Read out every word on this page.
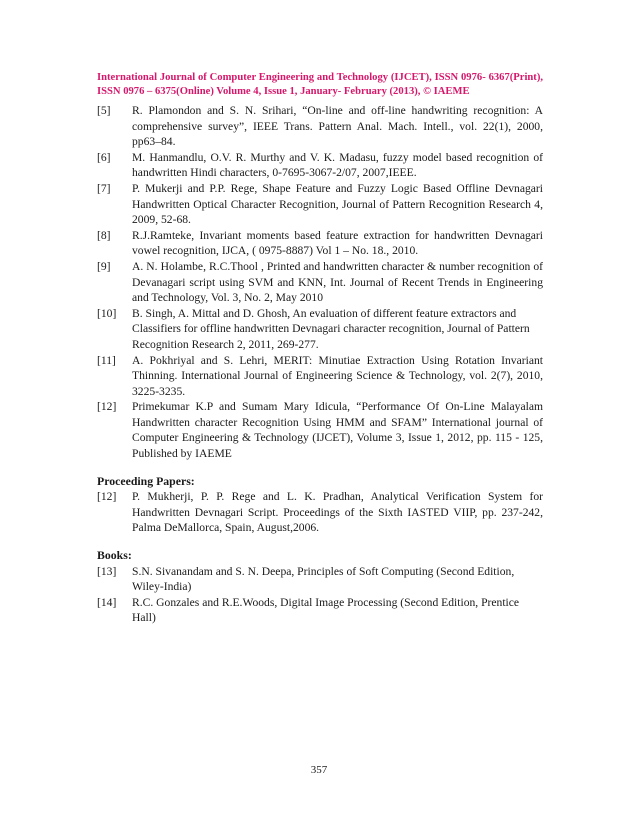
International Journal of Computer Engineering and Technology (IJCET), ISSN 0976- 6367(Print), ISSN 0976 – 6375(Online) Volume 4, Issue 1, January- February (2013), © IAEME
[5]	R. Plamondon and S. N. Srihari, “On-line and off-line handwriting recognition: A comprehensive survey”, IEEE Trans. Pattern Anal. Mach. Intell., vol. 22(1), 2000, pp63–84.
[6]	M. Hanmandlu, O.V. R. Murthy and V. K. Madasu, fuzzy model based recognition of handwritten Hindi characters, 0-7695-3067-2/07, 2007,IEEE.
[7]	P. Mukerji and P.P. Rege, Shape Feature and Fuzzy Logic Based Offline Devnagari Handwritten Optical Character Recognition, Journal of Pattern Recognition Research 4, 2009, 52-68.
[8]	R.J.Ramteke, Invariant moments based feature extraction for handwritten Devnagari vowel recognition, IJCA, ( 0975-8887) Vol 1 – No. 18., 2010.
[9]	A. N. Holambe, R.C.Thool , Printed and handwritten character & number recognition of Devanagari script using SVM and KNN, Int. Journal of Recent Trends in Engineering and Technology, Vol. 3, No. 2, May 2010
[10]	B. Singh, A. Mittal and D. Ghosh, An evaluation of different feature extractors and Classifiers for offline handwritten Devnagari character recognition, Journal of Pattern Recognition Research 2, 2011, 269-277.
[11]	A. Pokhriyal and S. Lehri, MERIT: Minutiae Extraction Using Rotation Invariant Thinning. International Journal of Engineering Science & Technology, vol. 2(7), 2010, 3225-3235.
[12]	Primekumar K.P and Sumam Mary Idicula, “Performance Of On-Line Malayalam Handwritten character Recognition Using HMM and SFAM” International journal of Computer Engineering & Technology (IJCET), Volume 3, Issue 1, 2012, pp. 115 - 125, Published by IAEME
Proceeding Papers:
[12]	P. Mukherji, P. P. Rege and L. K. Pradhan, Analytical Verification System for Handwritten Devnagari Script. Proceedings of the Sixth IASTED VIIP, pp. 237-242, Palma DeMallorca, Spain, August,2006.
Books:
[13]	S.N. Sivanandam and S. N. Deepa, Principles of Soft Computing (Second Edition, Wiley-India)
[14]	R.C. Gonzales and R.E.Woods, Digital Image Processing (Second Edition, Prentice Hall)
357
